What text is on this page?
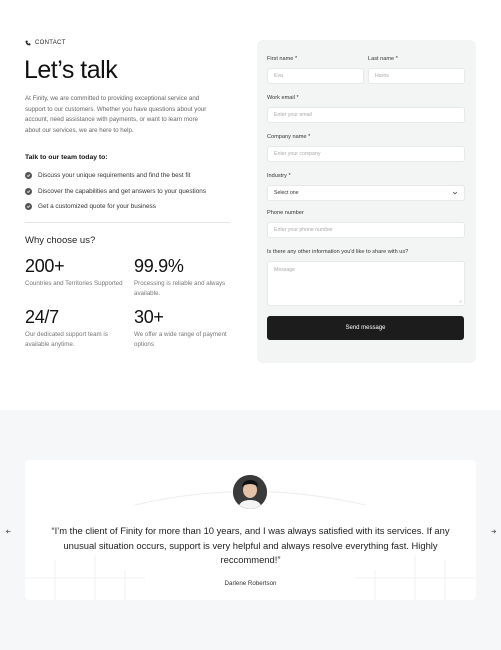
CONTACT
Let’s talk

At Finity, we are committed to providing exceptional service and support to our customers. Whether you have questions about your account, need assistance with payments, or want to learn more about our services, we are here to help.

Talk to our team today to:
Discuss your unique requirements and find the best fit
Discover the capabilities and get answers to your questions
Get a customized quote for your business
Why choose us?
200+
Countries and Territories Supported
99.9%
Processing is reliable and always available.
24/7
Our dedicated support team is available anytime.
30+
We offer a wide range of payment options
First name *
Eva
Last name *
Harris
Work email *
Enter your email
Company name *
Enter your company
Industry *
Select one
Phone number
Enter your phone number
Is there any other information you'd like to share with us?
Message
Send message

“I’m the client of Finity for more than 10 years, and I was always satisfied with its services. If any unusual situation occurs, support is very helpful and always resolve everything fast. Highly reccommend!”

Darlene Robertson
